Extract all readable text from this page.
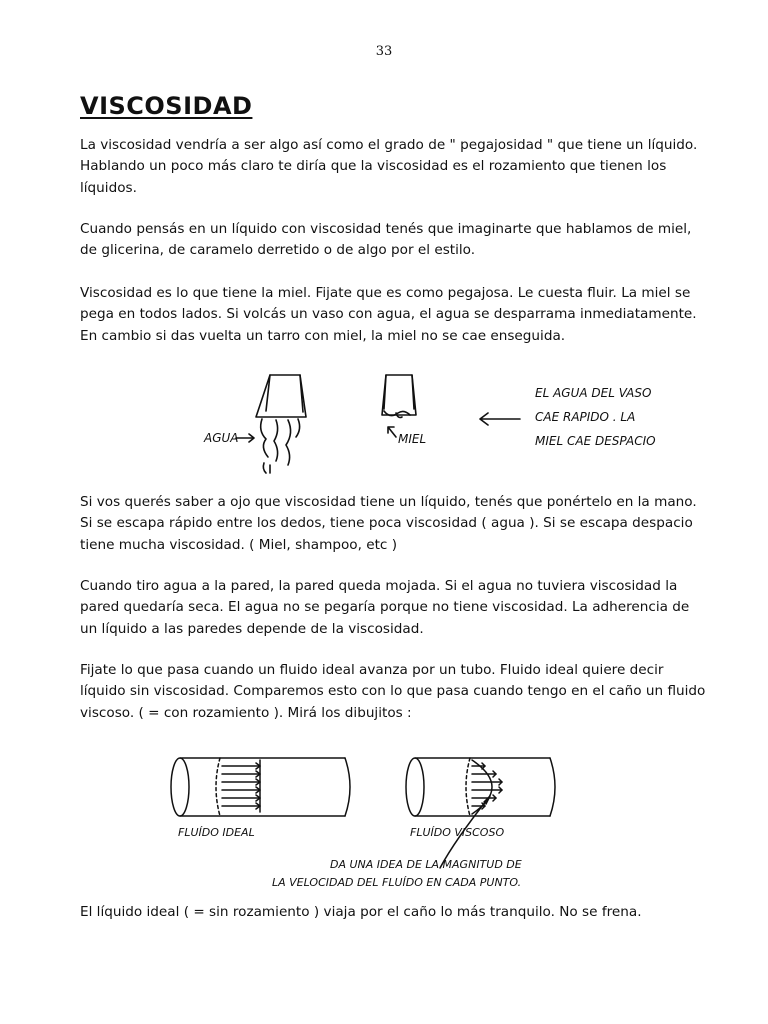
33
VISCOSIDAD

La viscosidad vendría a ser algo así como el grado de " pegajosidad " que tiene un líquido. Hablando un poco más claro te diría que la viscosidad es el rozamiento que tienen los líquidos.

Cuando pensás en un líquido con viscosidad tenés que imaginarte que hablamos de miel, de glicerina, de caramelo derretido o de algo por el estilo.

Viscosidad es lo que tiene la miel. Fijate que es como pegajosa. Le cuesta fluir. La miel se pega en todos lados. Si volcás un vaso con agua, el agua se desparrama inmediatamente. En cambio si das vuelta un tarro con miel, la miel no se cae enseguida.

AGUA	MIEL
EL AGUA DEL VASO
CAE RAPIDO . LA
MIEL CAE DESPACIO

Si vos querés saber a ojo que viscosidad tiene un líquido, tenés que ponértelo en la mano. Si se escapa rápido entre los dedos, tiene poca viscosidad ( agua ). Si se escapa despacio tiene mucha viscosidad. ( Miel, shampoo, etc )

Cuando tiro agua a la pared, la pared queda mojada. Si el agua no tuviera viscosidad la pared quedaría seca. El agua no se pegaría porque no tiene viscosidad. La adherencia de un líquido a las paredes depende de la viscosidad.

Fijate lo que pasa cuando un fluido ideal avanza por un tubo. Fluido ideal quiere decir líquido sin viscosidad. Comparemos esto con lo que pasa cuando tengo en el caño un fluido viscoso. ( = con rozamiento ). Mirá los dibujitos :

FLUÍDO IDEAL	FLUÍDO VISCOSO
DA UNA IDEA DE LA MAGNITUD DE
LA VELOCIDAD DEL FLUÍDO EN CADA PUNTO.

El líquido ideal ( = sin rozamiento ) viaja por el caño lo más tranquilo. No se frena.
